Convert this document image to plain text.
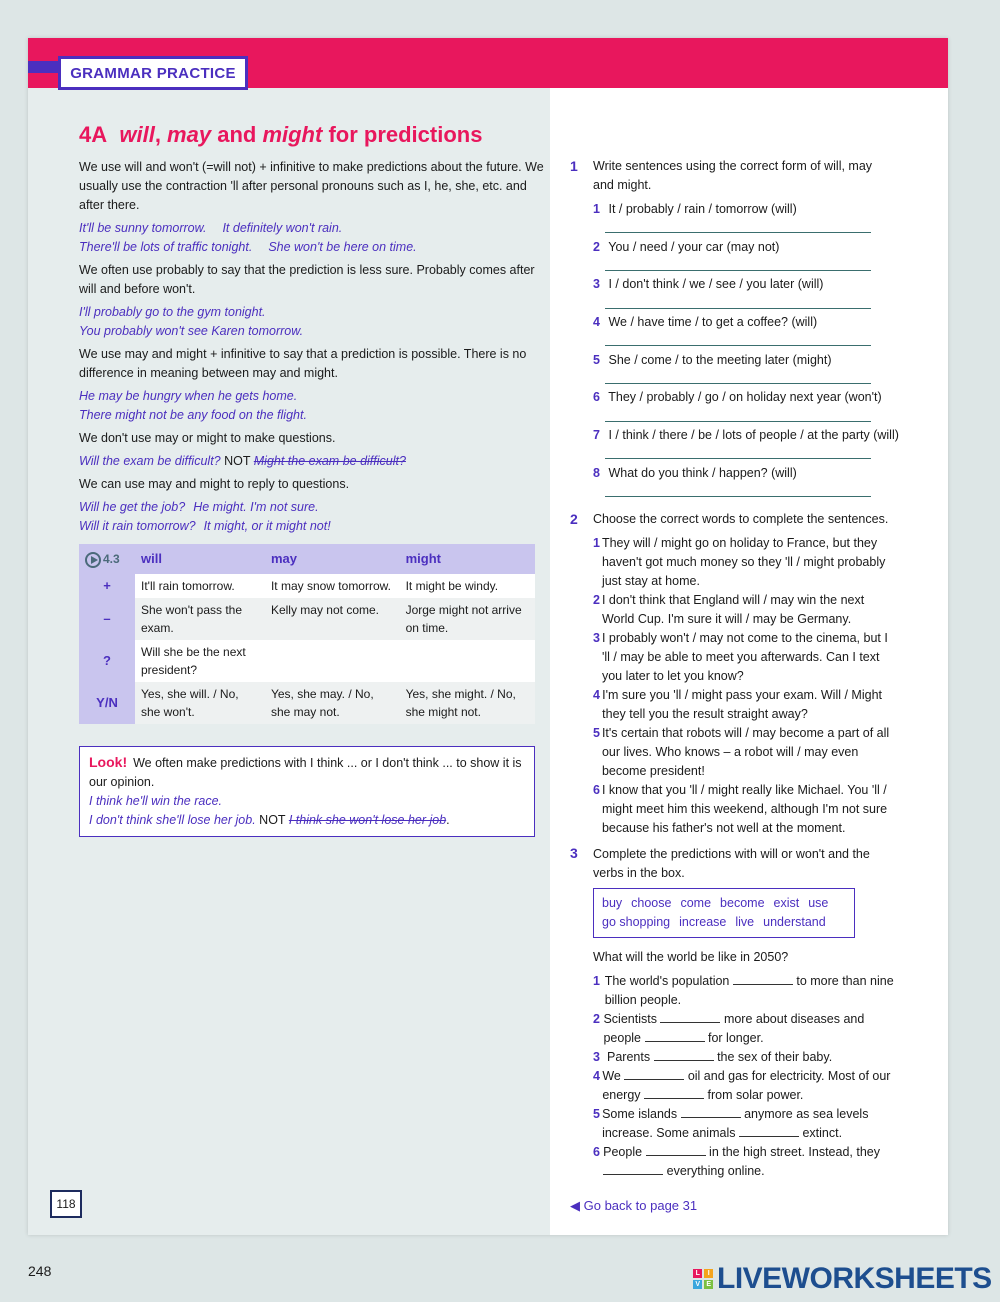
GRAMMAR PRACTICE
4A will, may and might for predictions
We use will and won't (=will not) + infinitive to make predictions about the future. We usually use the contraction 'll after personal pronouns such as I, he, she, etc. and after there.
It'll be sunny tomorrow. It definitely won't rain.
There'll be lots of traffic tonight. She won't be here on time.
We often use probably to say that the prediction is less sure. Probably comes after will and before won't.
I'll probably go to the gym tonight.
You probably won't see Karen tomorrow.
We use may and might + infinitive to say that a prediction is possible. There is no difference in meaning between may and might.
He may be hungry when he gets home.
There might not be any food on the flight.
We don't use may or might to make questions.
Will the exam be difficult? NOT Might the exam be difficult?
We can use may and might to reply to questions.
Will he get the job? He might. I'm not sure.
Will it rain tomorrow? It might, or it might not!
4.3	will	may	might
+	It'll rain tomorrow.	It may snow tomorrow.	It might be windy.
–	She won't pass the exam.	Kelly may not come.	Jorge might not arrive on time.
?	Will she be the next president?		
Y/N	Yes, she will. / No, she won't.	Yes, she may. / No, she may not.	Yes, she might. / No, she might not.
Look! We often make predictions with I think ... or I don't think ... to show it is our opinion.
I think he'll win the race.
I don't think she'll lose her job. NOT I think she won't lose her job.
118
1 Write sentences using the correct form of will, may and might.
1 It / probably / rain / tomorrow (will)
2 You / need / your car (may not)
3 I / don't think / we / see / you later (will)
4 We / have time / to get a coffee? (will)
5 She / come / to the meeting later (might)
6 They / probably / go / on holiday next year (won't)
7 I / think / there / be / lots of people / at the party (will)
8 What do you think / happen? (will)
2 Choose the correct words to complete the sentences.
1 They will / might go on holiday to France, but they haven't got much money so they 'll / might probably just stay at home.
2 I don't think that England will / may win the next World Cup. I'm sure it will / may be Germany.
3 I probably won't / may not come to the cinema, but I 'll / may be able to meet you afterwards. Can I text you later to let you know?
4 I'm sure you 'll / might pass your exam. Will / Might they tell you the result straight away?
5 It's certain that robots will / may become a part of all our lives. Who knows – a robot will / may even become president!
6 I know that you 'll / might really like Michael. You 'll / might meet him this weekend, although I'm not sure because his father's not well at the moment.
3 Complete the predictions with will or won't and the verbs in the box.
buy choose come become exist use
go shopping increase live understand
What will the world be like in 2050?
1 The world's population	to more than nine billion people.
2 Scientists	more about diseases and people	for longer.
3 Parents	the sex of their baby.
4 We	oil and gas for electricity. Most of our energy	from solar power.
5 Some islands	anymore as sea levels increase. Some animals	extinct.
6 People	in the high street. Instead, they  everything online.
◀ Go back to page 31
248	L	I
V E LIVEWORKSHEETS
